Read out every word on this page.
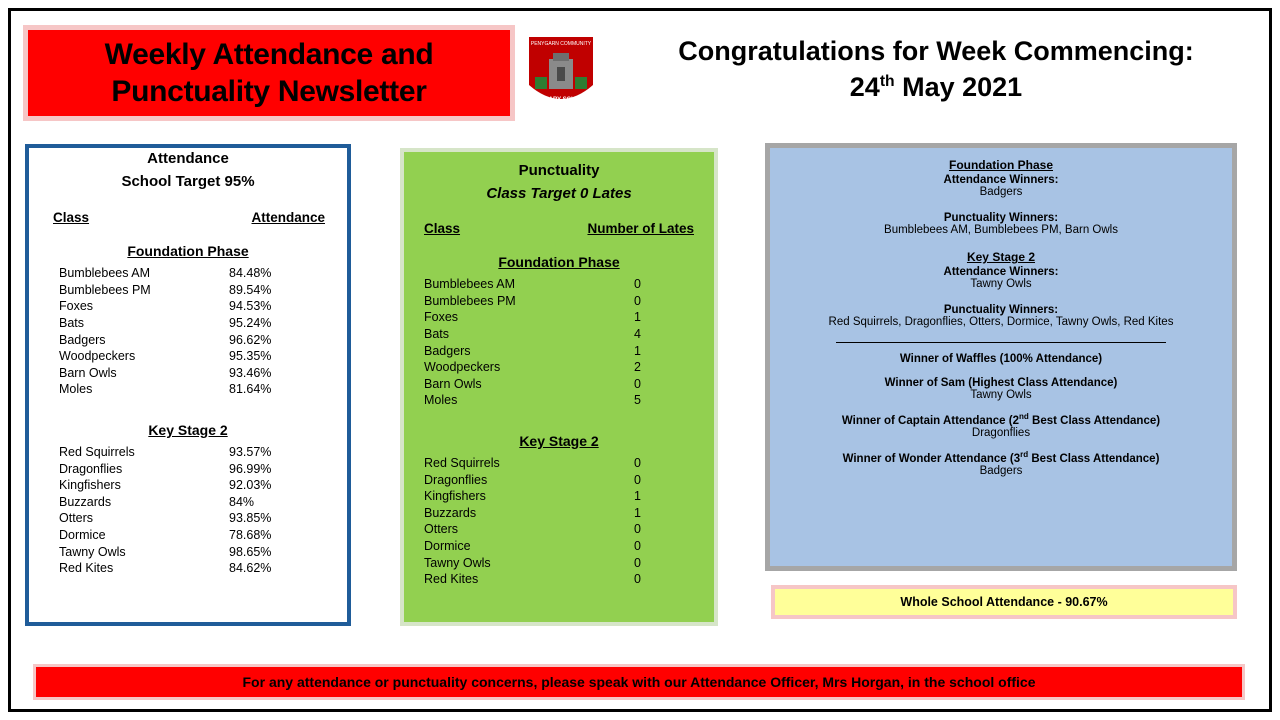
Weekly Attendance and
Punctuality Newsletter
PENYGARN COMMUNITY
PRIMARY SCHOOL
Congratulations for Week Commencing:
24th May 2021
Attendance
School Target 95%
Class	Attendance
Foundation Phase
Bumblebees AM	84.48%
Bumblebees PM	89.54%
Foxes	94.53%
Bats	95.24%
Badgers	96.62%
Woodpeckers	95.35%
Barn Owls	93.46%
Moles	81.64%
Key Stage 2
Red Squirrels	93.57%
Dragonflies	96.99%
Kingfishers	92.03%
Buzzards	84%
Otters	93.85%
Dormice	78.68%
Tawny Owls	98.65%
Red Kites	84.62%
Punctuality
Class Target 0 Lates
Class	Number of Lates
Foundation Phase
Bumblebees AM	0
Bumblebees PM	0
Foxes	1
Bats	4
Badgers	1
Woodpeckers	2
Barn Owls	0
Moles	5
Key Stage 2
Red Squirrels	0
Dragonflies	0
Kingfishers	1
Buzzards	1
Otters	0
Dormice	0
Tawny Owls	0
Red Kites	0
Foundation Phase
Attendance Winners:
Badgers
Punctuality Winners:
Bumblebees AM, Bumblebees PM, Barn Owls
Key Stage 2
Attendance Winners:
Tawny Owls
Punctuality Winners:
Red Squirrels, Dragonflies, Otters, Dormice, Tawny Owls, Red Kites
Winner of Waffles (100% Attendance)
Winner of Sam (Highest Class Attendance)
Tawny Owls
Winner of Captain Attendance (2nd Best Class Attendance)
Dragonflies
Winner of Wonder Attendance (3rd Best Class Attendance)
Badgers
Whole School Attendance - 90.67%
For any attendance or punctuality concerns, please speak with our Attendance Officer, Mrs Horgan, in the school office
